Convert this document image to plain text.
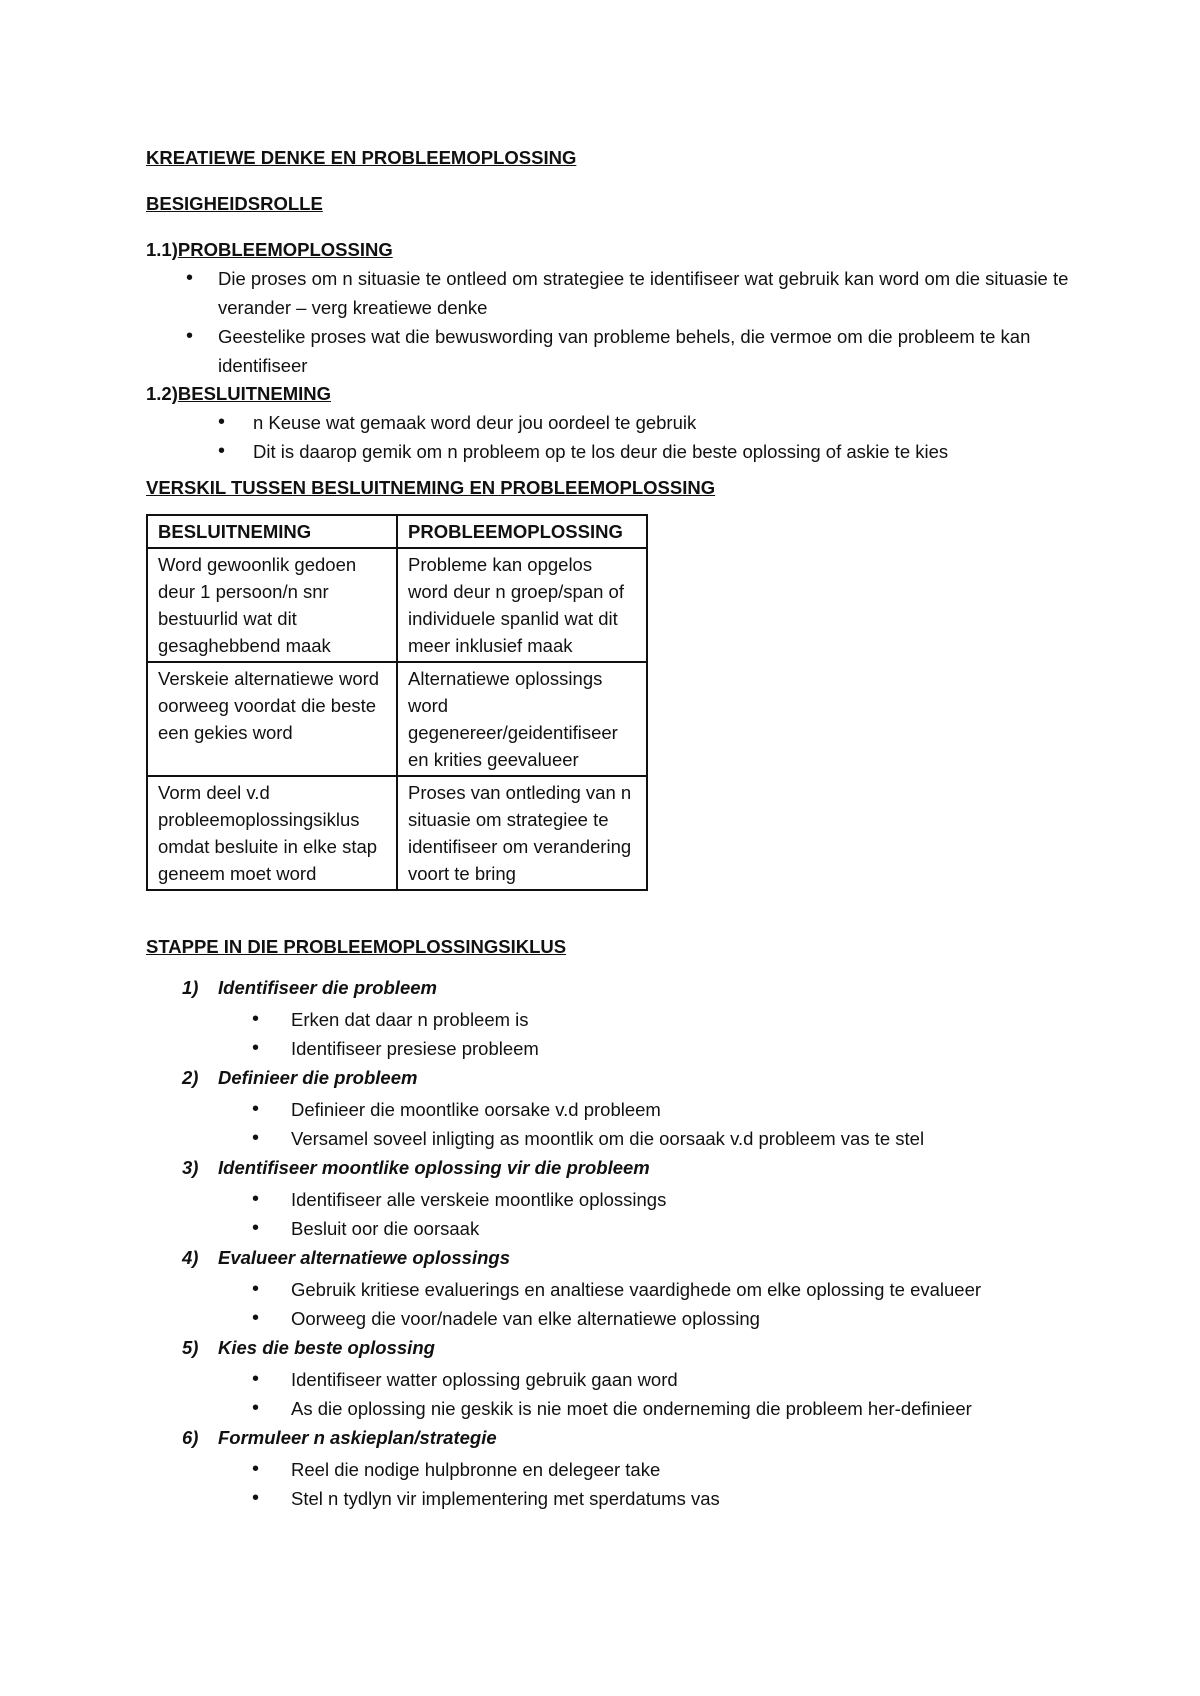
KREATIEWE DENKE EN PROBLEEMOPLOSSING

BESIGHEIDSROLLE

1.1)PROBLEEMOPLOSSING

• Die proses om n situasie te ontleed om strategiee te identifiseer wat gebruik kan word om die situasie te verander – verg kreatiewe denke
• Geestelike proses wat die bewuswording van probleme behels, die vermoe om die probleem te kan identifiseer

1.2)BESLUITNEMING

• n Keuse wat gemaak word deur jou oordeel te gebruik
• Dit is daarop gemik om n probleem op te los deur die beste oplossing of askie te kies

VERSKIL TUSSEN BESLUITNEMING EN PROBLEEMOPLOSSING

BESLUITNEMING	PROBLEEMOPLOSSING
Word gewoonlik gedoen deur 1 persoon/n snr bestuurlid wat dit gesaghebbend maak	Probleme kan opgelos word deur n groep/span of individuele spanlid wat dit meer inklusief maak
Verskeie alternatiewe word oorweeg voordat die beste een gekies word	Alternatiewe oplossings word gegenereer/geidentifiseer en krities geevalueer
Vorm deel v.d probleemoplossingsiklus omdat besluite in elke stap geneem moet word	Proses van ontleding van n situasie om strategiee te identifiseer om verandering voort te bring

STAPPE IN DIE PROBLEEMOPLOSSINGSIKLUS

1) Identifiseer die probleem
• Erken dat daar n probleem is
• Identifiseer presiese probleem
2) Definieer die probleem
• Definieer die moontlike oorsake v.d probleem
• Versamel soveel inligting as moontlik om die oorsaak v.d probleem vas te stel
3) Identifiseer moontlike oplossing vir die probleem
• Identifiseer alle verskeie moontlike oplossings
• Besluit oor die oorsaak
4) Evalueer alternatiewe oplossings
• Gebruik kritiese evaluerings en analtiese vaardighede om elke oplossing te evalueer
• Oorweeg die voor/nadele van elke alternatiewe oplossing
5) Kies die beste oplossing
• Identifiseer watter oplossing gebruik gaan word
• As die oplossing nie geskik is nie moet die onderneming die probleem her-definieer
6) Formuleer n askieplan/strategie
• Reel die nodige hulpbronne en delegeer take
• Stel n tydlyn vir implementering met sperdatums vas
